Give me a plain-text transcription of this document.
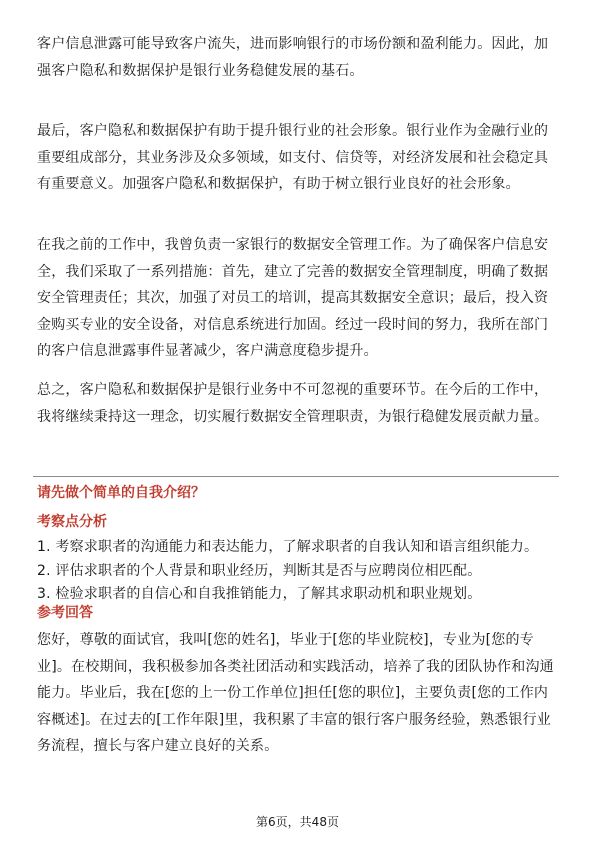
客户信息泄露可能导致客户流失，进而影响银行的市场份额和盈利能力。因此，加
强客户隐私和数据保护是银行业务稳健发展的基石。

最后，客户隐私和数据保护有助于提升银行业的社会形象。银行业作为金融行业的
重要组成部分，其业务涉及众多领域，如支付、信贷等，对经济发展和社会稳定具
有重要意义。加强客户隐私和数据保护，有助于树立银行业良好的社会形象。

在我之前的工作中，我曾负责一家银行的数据安全管理工作。为了确保客户信息安
全，我们采取了一系列措施：首先，建立了完善的数据安全管理制度，明确了数据
安全管理责任；其次，加强了对员工的培训，提高其数据安全意识；最后，投入资
金购买专业的安全设备，对信息系统进行加固。经过一段时间的努力，我所在部门
的客户信息泄露事件显著减少，客户满意度稳步提升。

总之，客户隐私和数据保护是银行业务中不可忽视的重要环节。在今后的工作中，
我将继续秉持这一理念，切实履行数据安全管理职责，为银行稳健发展贡献力量。

请先做个简单的自我介绍？

考察点分析

1. 考察求职者的沟通能力和表达能力，了解求职者的自我认知和语言组织能力。
2. 评估求职者的个人背景和职业经历，判断其是否与应聘岗位相匹配。
3. 检验求职者的自信心和自我推销能力，了解其求职动机和职业规划。

参考回答

您好，尊敬的面试官，我叫[您的姓名]，毕业于[您的毕业院校]，专业为[您的专
业]。在校期间，我积极参加各类社团活动和实践活动，培养了我的团队协作和沟通
能力。毕业后，我在[您的上一份工作单位]担任[您的职位]，主要负责[您的工作内
容概述]。在过去的[工作年限]里，我积累了丰富的银行客户服务经验，熟悉银行业
务流程，擅长与客户建立良好的关系。

第6页，共48页
